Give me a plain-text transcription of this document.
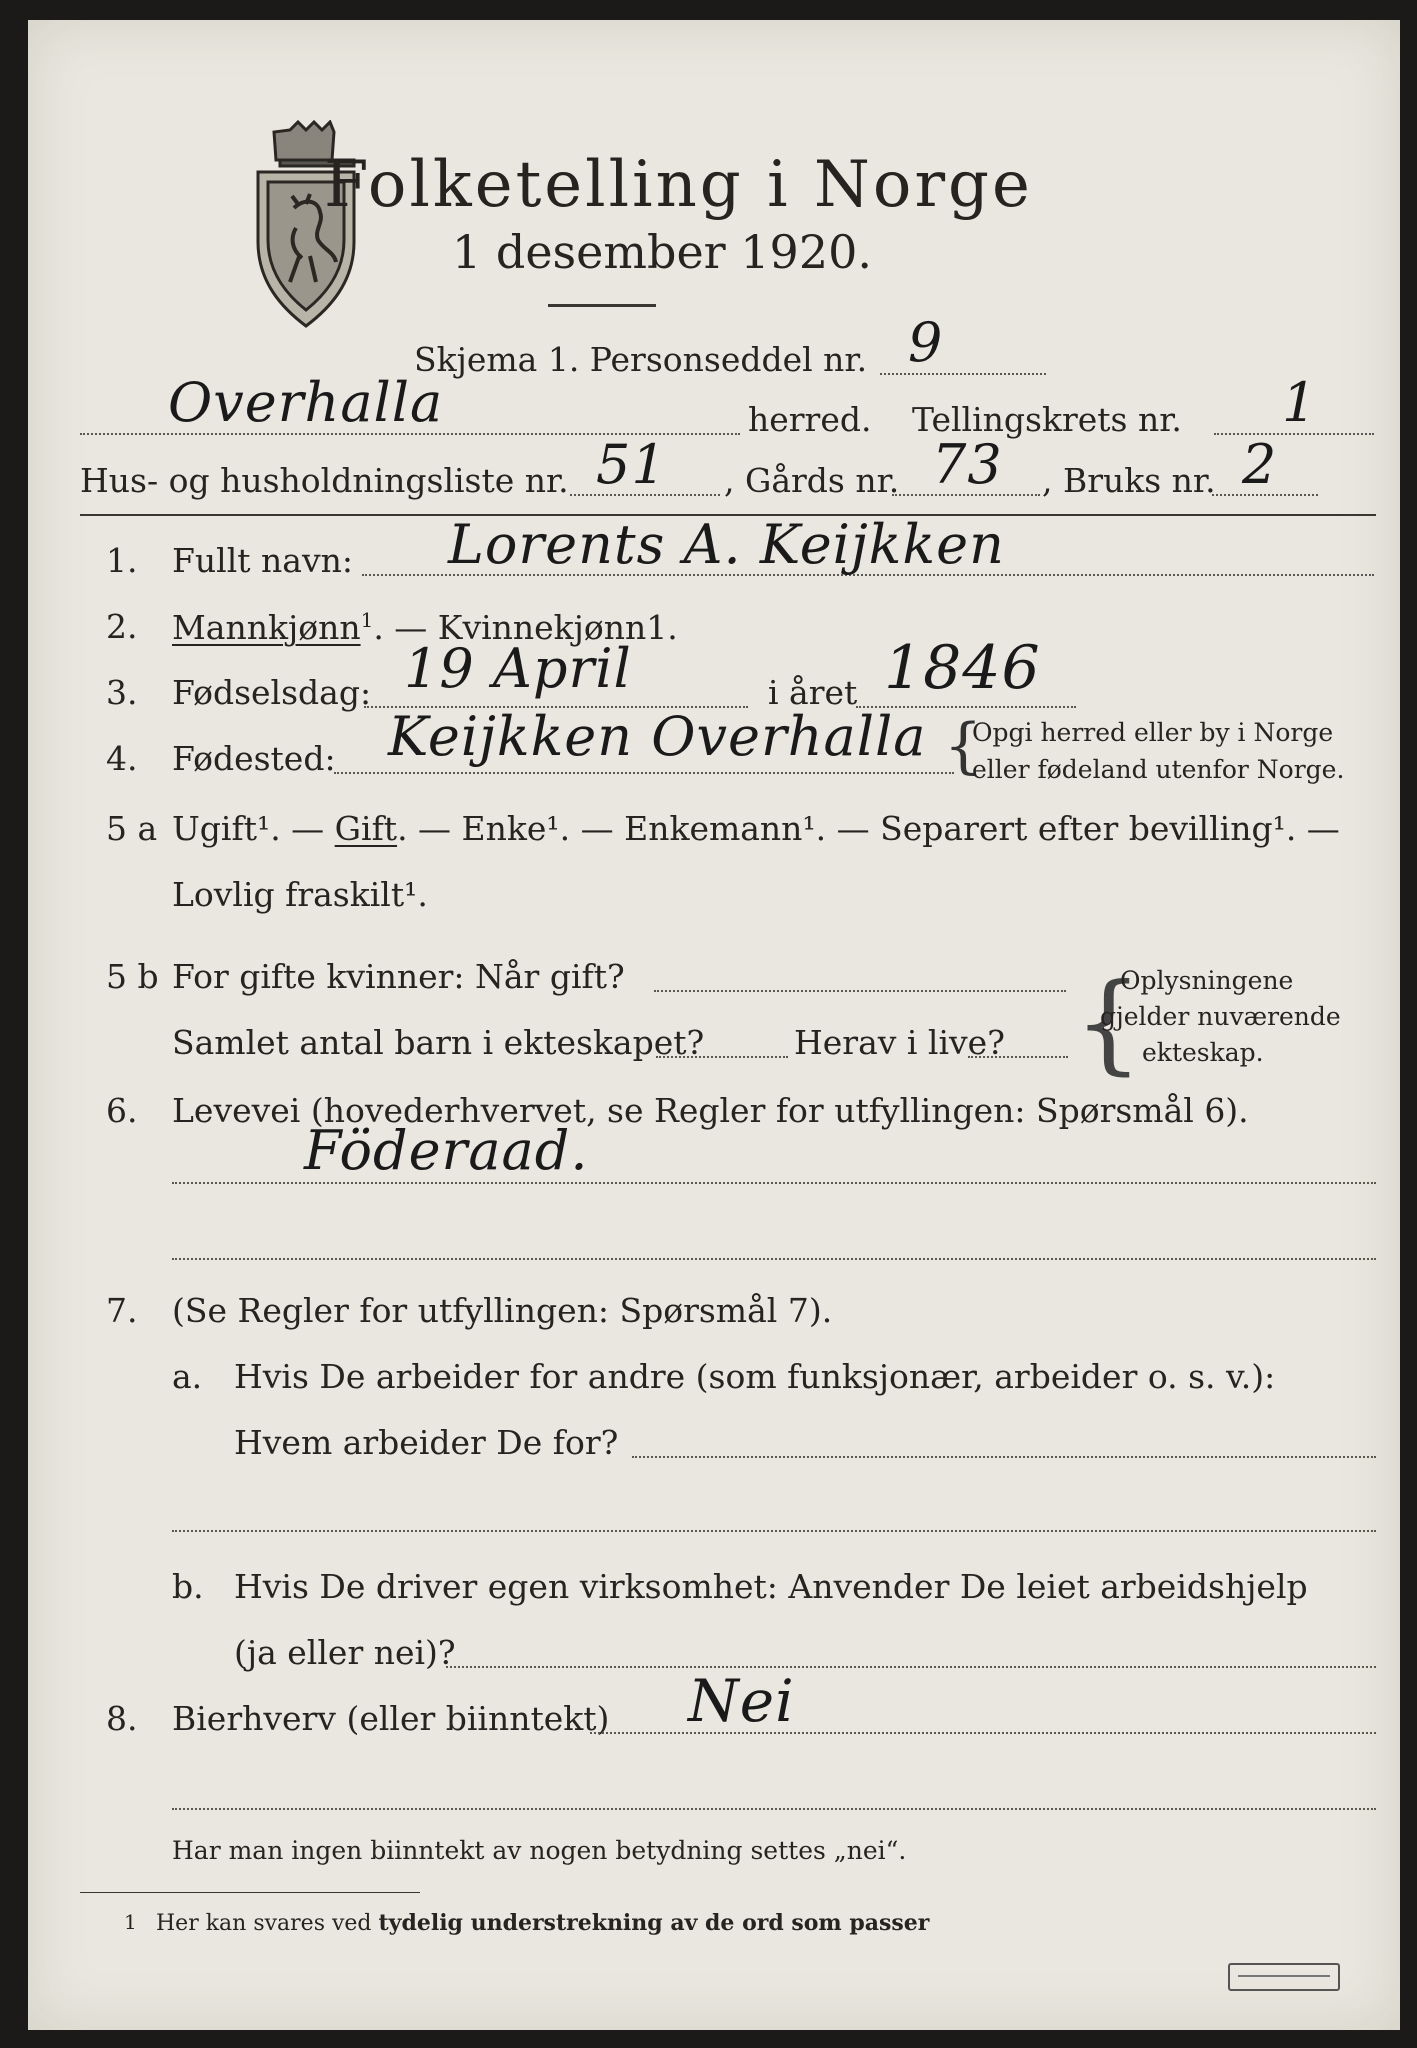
Folketelling i Norge
1 desember 1920.
Skjema 1. Personseddel nr. 9
Overhalla	herred. Tellingskrets nr. 1
Hus- og husholdningsliste nr. 51 , Gårds nr. 73 , Bruks nr. 2
1. Fullt navn: Lorents A. Keijkken
2. Mannkjønn$^1$. — Kvinnekjønn1.
3. Fødselsdag: 19 April	i året 1846
4. Fødested: Keijkken Overhalla {
Opgi herred eller by i Norge
eller fødeland utenfor Norge.
5 a Ugift¹. — Gift. — Enke¹. — Enkemann¹. — Separert efter bevilling¹. —
Lovlig fraskilt¹.
5 b For gifte kvinner: Når gift?
Samlet antal barn i ekteskapet?	Herav i live? {
Oplysningene
gjelder nuværende
ekteskap.
6. Levevei (hovederhvervet, se Regler for utfyllingen: Spørsmål 6).
Föderaad.
7. (Se Regler for utfyllingen: Spørsmål 7).
a. Hvis De arbeider for andre (som funksjonær, arbeider o. s. v.):
Hvem arbeider De for?
b. Hvis De driver egen virksomhet: Anvender De leiet arbeidshjelp
(ja eller nei)?
8. Bierhverv (eller biinntekt) Nei
Har man ingen biinntekt av nogen betydning settes „nei“.
1 Her kan svares ved tydelig understrekning av de ord som passer
